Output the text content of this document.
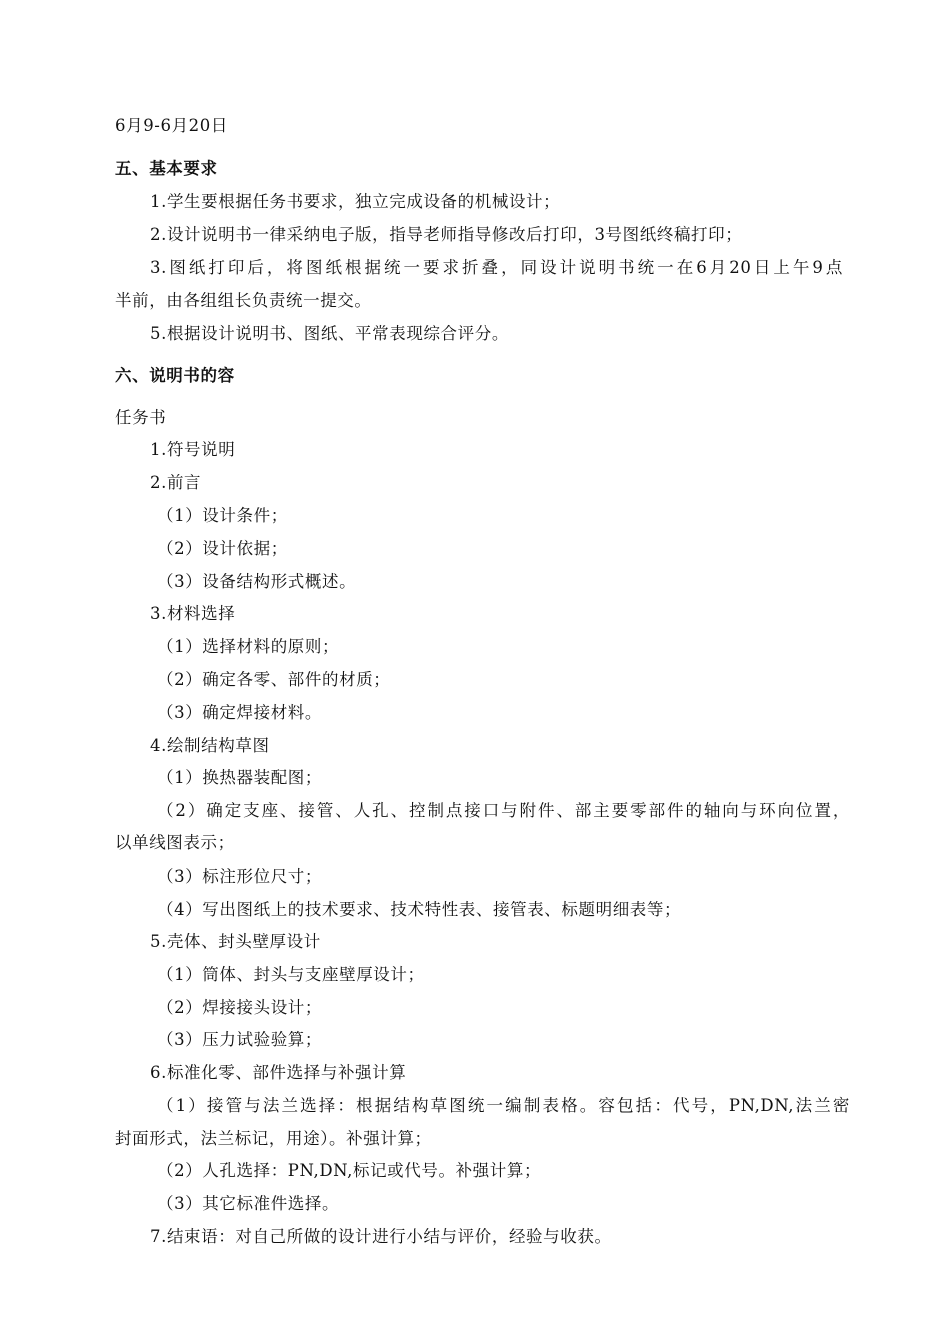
6月9-6月20日
五、基本要求
1.学生要根据任务书要求，独立完成设备的机械设计；
2.设计说明书一律采纳电子版，指导老师指导修改后打印，3号图纸终稿打印；
3.图纸打印后，将图纸根据统一要求折叠，同设计说明书统一在6月20日上午9点
半前，由各组组长负责统一提交。
5.根据设计说明书、图纸、平常表现综合评分。
六、说明书的容
任务书
1.符号说明
2.前言
（1）设计条件；
（2）设计依据；
（3）设备结构形式概述。
3.材料选择
（1）选择材料的原则；
（2）确定各零、部件的材质；
（3）确定焊接材料。
4.绘制结构草图
（1）换热器装配图；
（2）确定支座、接管、人孔、控制点接口与附件、部主要零部件的轴向与环向位置，
以单线图表示；
（3）标注形位尺寸；
（4）写出图纸上的技术要求、技术特性表、接管表、标题明细表等；
5.壳体、封头壁厚设计
（1）筒体、封头与支座壁厚设计；
（2）焊接接头设计；
（3）压力试验验算；
6.标准化零、部件选择与补强计算
（1）接管与法兰选择：根据结构草图统一编制表格。容包括：代号，PN,DN,法兰密
封面形式，法兰标记，用途）。补强计算；
（2）人孔选择：PN,DN,标记或代号。补强计算；
（3）其它标准件选择。
7.结束语：对自己所做的设计进行小结与评价，经验与收获。
